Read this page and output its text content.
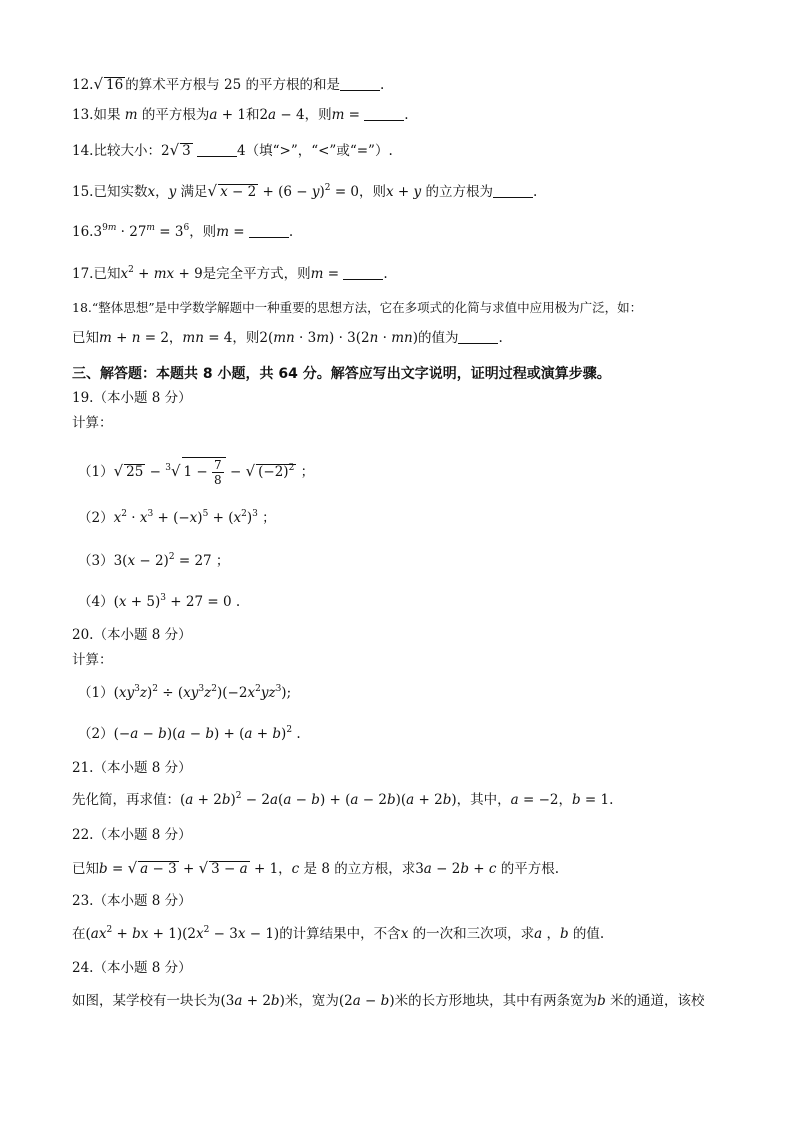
12.√ 16 的算术平方根与 25 的平方根的和是	.
13.如果 m 的平方根为a + 1和2a − 4，则m =	.
14.比较大小：2√ 3	4（填“>”，“<”或“=”）.
15.已知实数x，y 满足√ $x - 2 + (6 - y)^2 = 0$，则x + y 的立方根为	.
$16.3^{9m} \cdot 27^m = 3^6$，则m =	.
17.已知$x^2$ + mx + 9是完全平方式，则m =	.
18.“整体思想”是中学数学解题中一种重要的思想方法，它在多项式的化简与求值中应用极为广泛，如：
已知m + n = 2，mn = 4，则2(mn · 3m) · 3(2n · mn)的值为	.
三、解答题：本题共 8 小题，共 64 分。解答应写出文字说明，证明过程或演算步骤。
19.（本小题 8 分）
计算：
（1）√ 25 − $^3$√ $1 - \frac{7}{8}$ − √ $(-2)^2$ ；
$(2)x^2 \cdot x^3 + (-x)^5 + (x^2)^3$ ；
$(3)3(x - 2)^2 = 27$ ；
$(4)(x + 5)^3 + 27 = 0$ .
20.（本小题 8 分）
计算：
$(1)(xy^3z)^2 \div (xy^3z^2)(-2x^2yz^3)$;
$(2)(-a - b)(a - b) + (a + b)^2$ .
21.（本小题 8 分）
先化简，再求值：$(a + 2b)^2 - 2a(a - b) + (a - 2b)(a + 2b)$，其中，a = −2，b = 1.
22.（本小题 8 分）
已知b = √ a − 3 + √ 3 − a + 1，c 是 8 的立方根，求3a − 2b + c 的平方根.
23.（本小题 8 分）
在($ax^2$ + bx + $1)(2x^2 - 3x - 1)$的计算结果中，不含x 的一次和三次项，求a ，b 的值.
24.（本小题 8 分）
如图，某学校有一块长为(3a + 2b)米，宽为(2a − b)米的长方形地块，其中有两条宽为b 米的通道，该校
